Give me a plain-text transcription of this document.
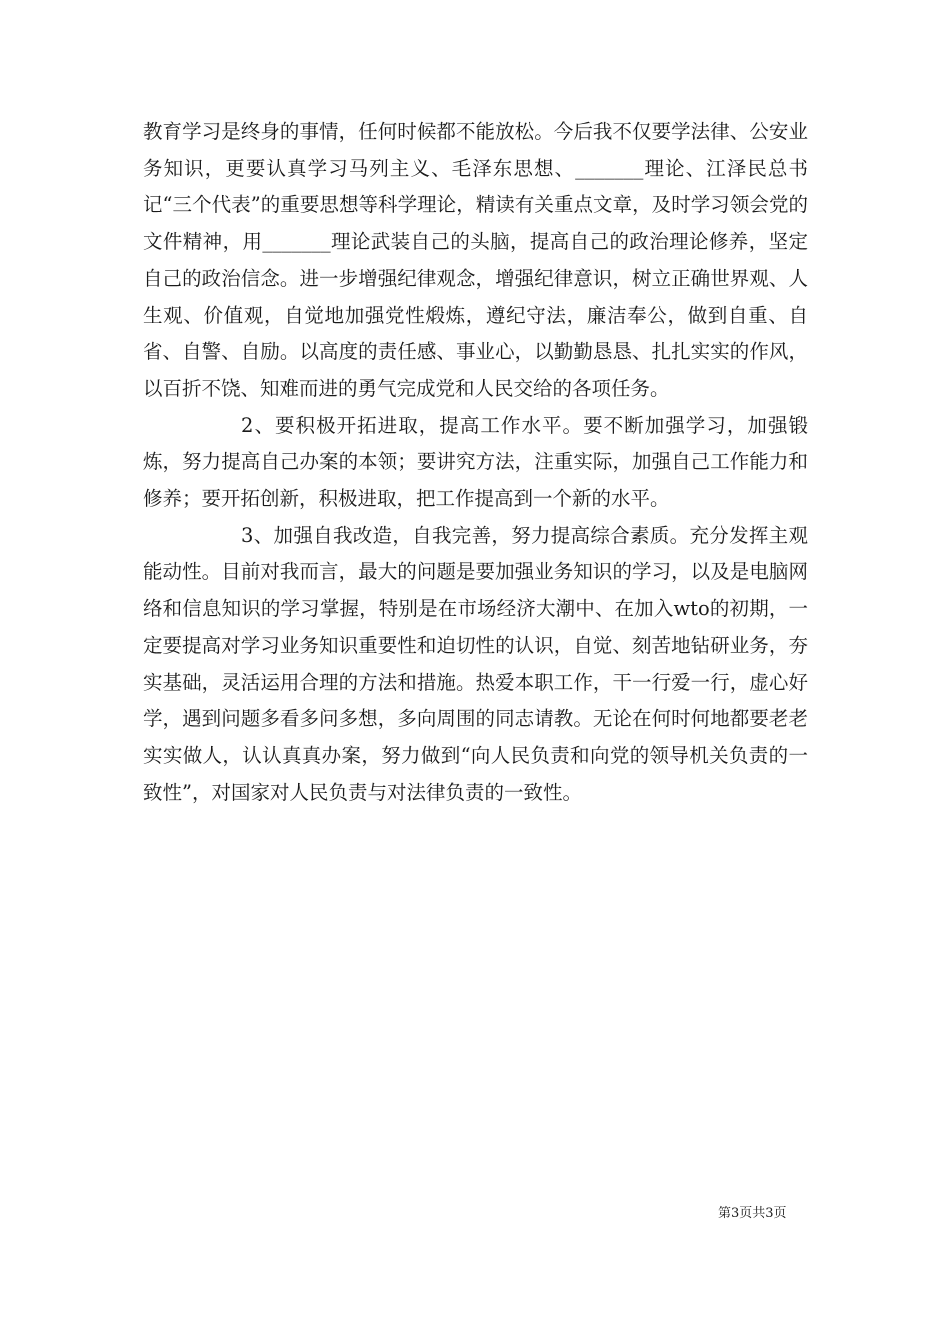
教育学习是终身的事情，任何时候都不能放松。今后我不仅要学法律、公安业务知识，更要认真学习马列主义、毛泽东思想、_______理论、江泽民总书记“三个代表”的重要思想等科学理论，精读有关重点文章，及时学习领会党的文件精神，用_______理论武装自己的头脑，提高自己的政治理论修养，坚定自己的政治信念。进一步增强纪律观念，增强纪律意识，树立正确世界观、人生观、价值观，自觉地加强党性煅炼，遵纪守法，廉洁奉公，做到自重、自省、自警、自励。以高度的责任感、事业心，以勤勤恳恳、扎扎实实的作风，以百折不饶、知难而进的勇气完成党和人民交给的各项任务。

2、要积极开拓进取，提高工作水平。要不断加强学习，加强锻炼，努力提高自己办案的本领；要讲究方法，注重实际，加强自己工作能力和修养；要开拓创新，积极进取，把工作提高到一个新的水平。

3、加强自我改造，自我完善，努力提高综合素质。充分发挥主观能动性。目前对我而言，最大的问题是要加强业务知识的学习，以及是电脑网络和信息知识的学习掌握，特别是在市场经济大潮中、在加入wto的初期，一定要提高对学习业务知识重要性和迫切性的认识，自觉、刻苦地钻研业务，夯实基础，灵活运用合理的方法和措施。热爱本职工作，干一行爱一行，虚心好学，遇到问题多看多问多想，多向周围的同志请教。无论在何时何地都要老老实实做人，认认真真办案，努力做到“向人民负责和向党的领导机关负责的一致性”，对国家对人民负责与对法律负责的一致性。

第3页共3页
